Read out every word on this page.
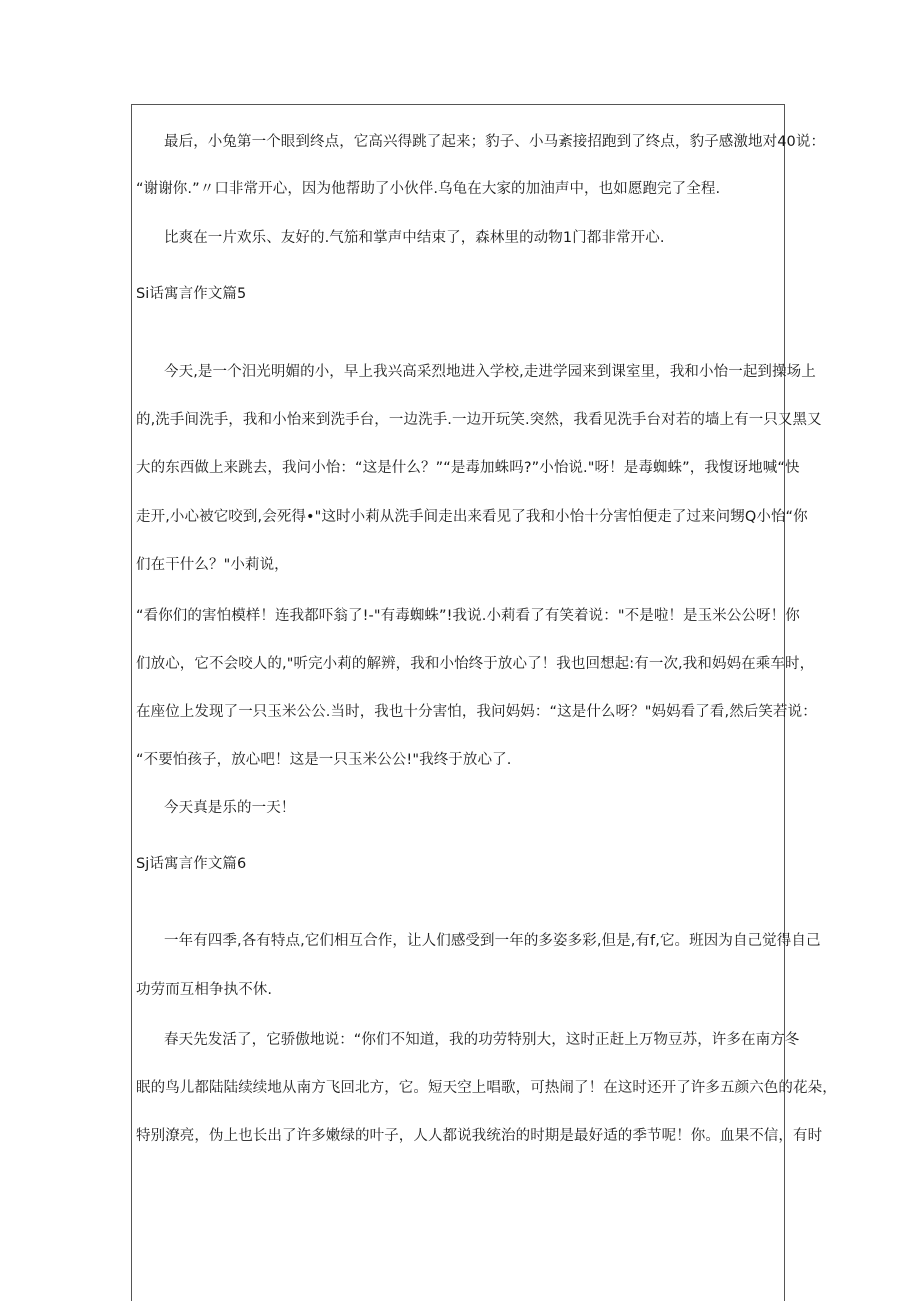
最后，小兔第一个眼到终点，它高兴得跳了起来；豹子、小马紊接招跑到了终点，豹子感激地对40说：
“谢谢你.”〃口非常开心，因为他帮助了小伙伴.乌龟在大家的加油声中，也如愿跑完了全程.
比爽在一片欢乐、友好的.气笳和掌声中结束了，森林里的动物1门都非常开心.
Si话寓言作文篇5
今天,是一个汨光明媚的小，早上我兴高采烈地进入学校,走进学园来到课室里，我和小怡一起到操场上
的,洗手间洗手，我和小怡来到洗手台，一边洗手.一边开玩笑.突然，我看见洗手台对若的墙上有一只又黑又
大的东西做上来跳去，我问小怡：“这是什么？”“是毒加蛛吗?”小怡说."呀！是毒蜘蛛”，我愎讶地喊“快
走开,小心被它咬到,会死得•"这时小莉从洗手间走出来看见了我和小怡十分害怕便走了过来问甥Q小怡“你
们在干什么？"小莉说，
“看你们的害怕模样！连我都吓翁了!-"有毒蜘蛛”!我说.小莉看了有笑着说："不是啦！是玉米公公呀！你
们放心，它不会咬人的,"听完小莉的解辨，我和小怡终于放心了！我也回想起:有一次,我和妈妈在乘车时，
在座位上发现了一只玉米公公.当时，我也十分害怕，我问妈妈：“这是什么呀？"妈妈看了看,然后笑若说：
“不要怕孩子，放心吧！这是一只玉米公公!"我终于放心了.
今天真是乐的一天！
Sj话寓言作文篇6
一年有四季,各有特点,它们相互合作，让人们感受到一年的多姿多彩,但是,有f,它。班因为自己觉得自己
功劳而互相争执不休.
春天先发活了，它骄傲地说：“你们不知道，我的功劳特别大，这时正赶上万物豆苏，许多在南方冬
眠的鸟儿都陆陆续续地从南方飞回北方，它。短天空上唱歌，可热闹了！在这时还开了许多五颜六色的花朵，
特别潦亮，伪上也长出了许多嫩绿的叶子，人人都说我统治的时期是最好适的季节呢！你。血果不信，有时
